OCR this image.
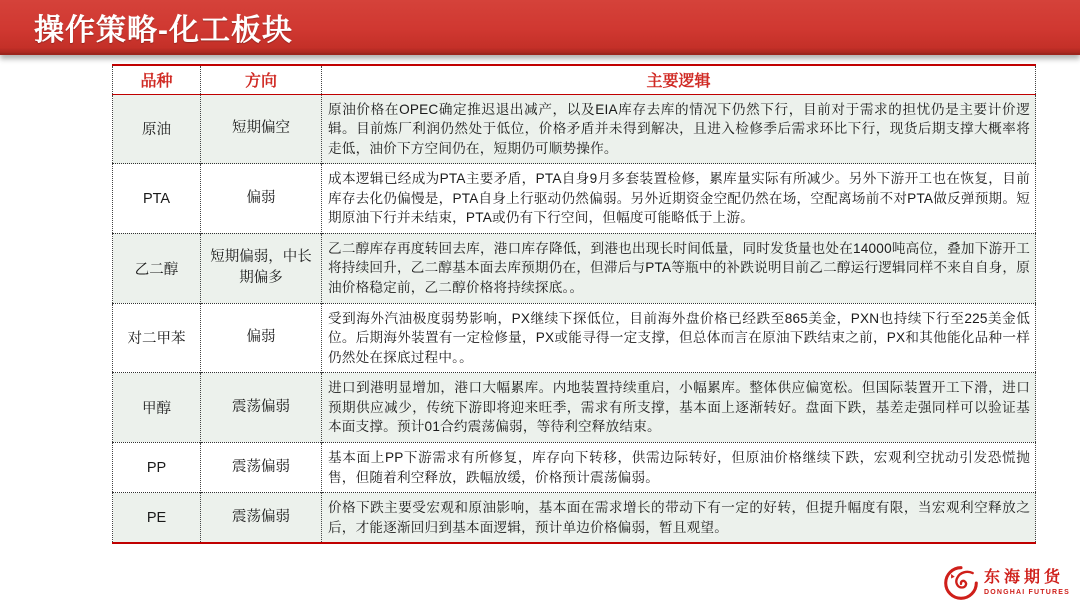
操作策略-化工板块
品种	方向	主要逻辑
原油	短期偏空	原油价格在OPEC确定推迟退出减产，以及EIA库存去库的情况下仍然下行，目前对于需求的担忧仍是主要计价逻辑。目前炼厂利润仍然处于低位，价格矛盾并未得到解决，且进入检修季后需求环比下行，现货后期支撑大概率将走低，油价下方空间仍在，短期仍可顺势操作。
PTA	偏弱	成本逻辑已经成为PTA主要矛盾，PTA自身9月多套装置检修，累库量实际有所减少。另外下游开工也在恢复，目前库存去化仍偏慢是，PTA自身上行驱动仍然偏弱。另外近期资金空配仍然在场，空配离场前不对PTA做反弹预期。短期原油下行并未结束，PTA或仍有下行空间，但幅度可能略低于上游。
乙二醇	短期偏弱，中长期偏多	乙二醇库存再度转回去库，港口库存降低，到港也出现长时间低量，同时发货量也处在14000吨高位，叠加下游开工将持续回升，乙二醇基本面去库预期仍在，但滞后与PTA等瓶中的补跌说明目前乙二醇运行逻辑同样不来自自身，原油价格稳定前，乙二醇价格将持续探底。。
对二甲苯	偏弱	受到海外汽油极度弱势影响，PX继续下探低位，目前海外盘价格已经跌至865美金，PXN也持续下行至225美金低位。后期海外装置有一定检修量，PX或能寻得一定支撑，但总体而言在原油下跌结束之前，PX和其他能化品种一样仍然处在探底过程中。。
甲醇	震荡偏弱	进口到港明显增加，港口大幅累库。内地装置持续重启，小幅累库。整体供应偏宽松。但国际装置开工下滑，进口预期供应减少，传统下游即将迎来旺季，需求有所支撑，基本面上逐渐转好。盘面下跌，基差走强同样可以验证基本面支撑。预计01合约震荡偏弱，等待利空释放结束。
PP	震荡偏弱	基本面上PP下游需求有所修复，库存向下转移，供需边际转好，但原油价格继续下跌，宏观利空扰动引发恐慌抛售，但随着利空释放，跌幅放缓，价格预计震荡偏弱。
PE	震荡偏弱	价格下跌主要受宏观和原油影响，基本面在需求增长的带动下有一定的好转，但提升幅度有限，当宏观利空释放之后，才能逐渐回归到基本面逻辑，预计单边价格偏弱，暂且观望。
东海期货
DONGHAI FUTURES
